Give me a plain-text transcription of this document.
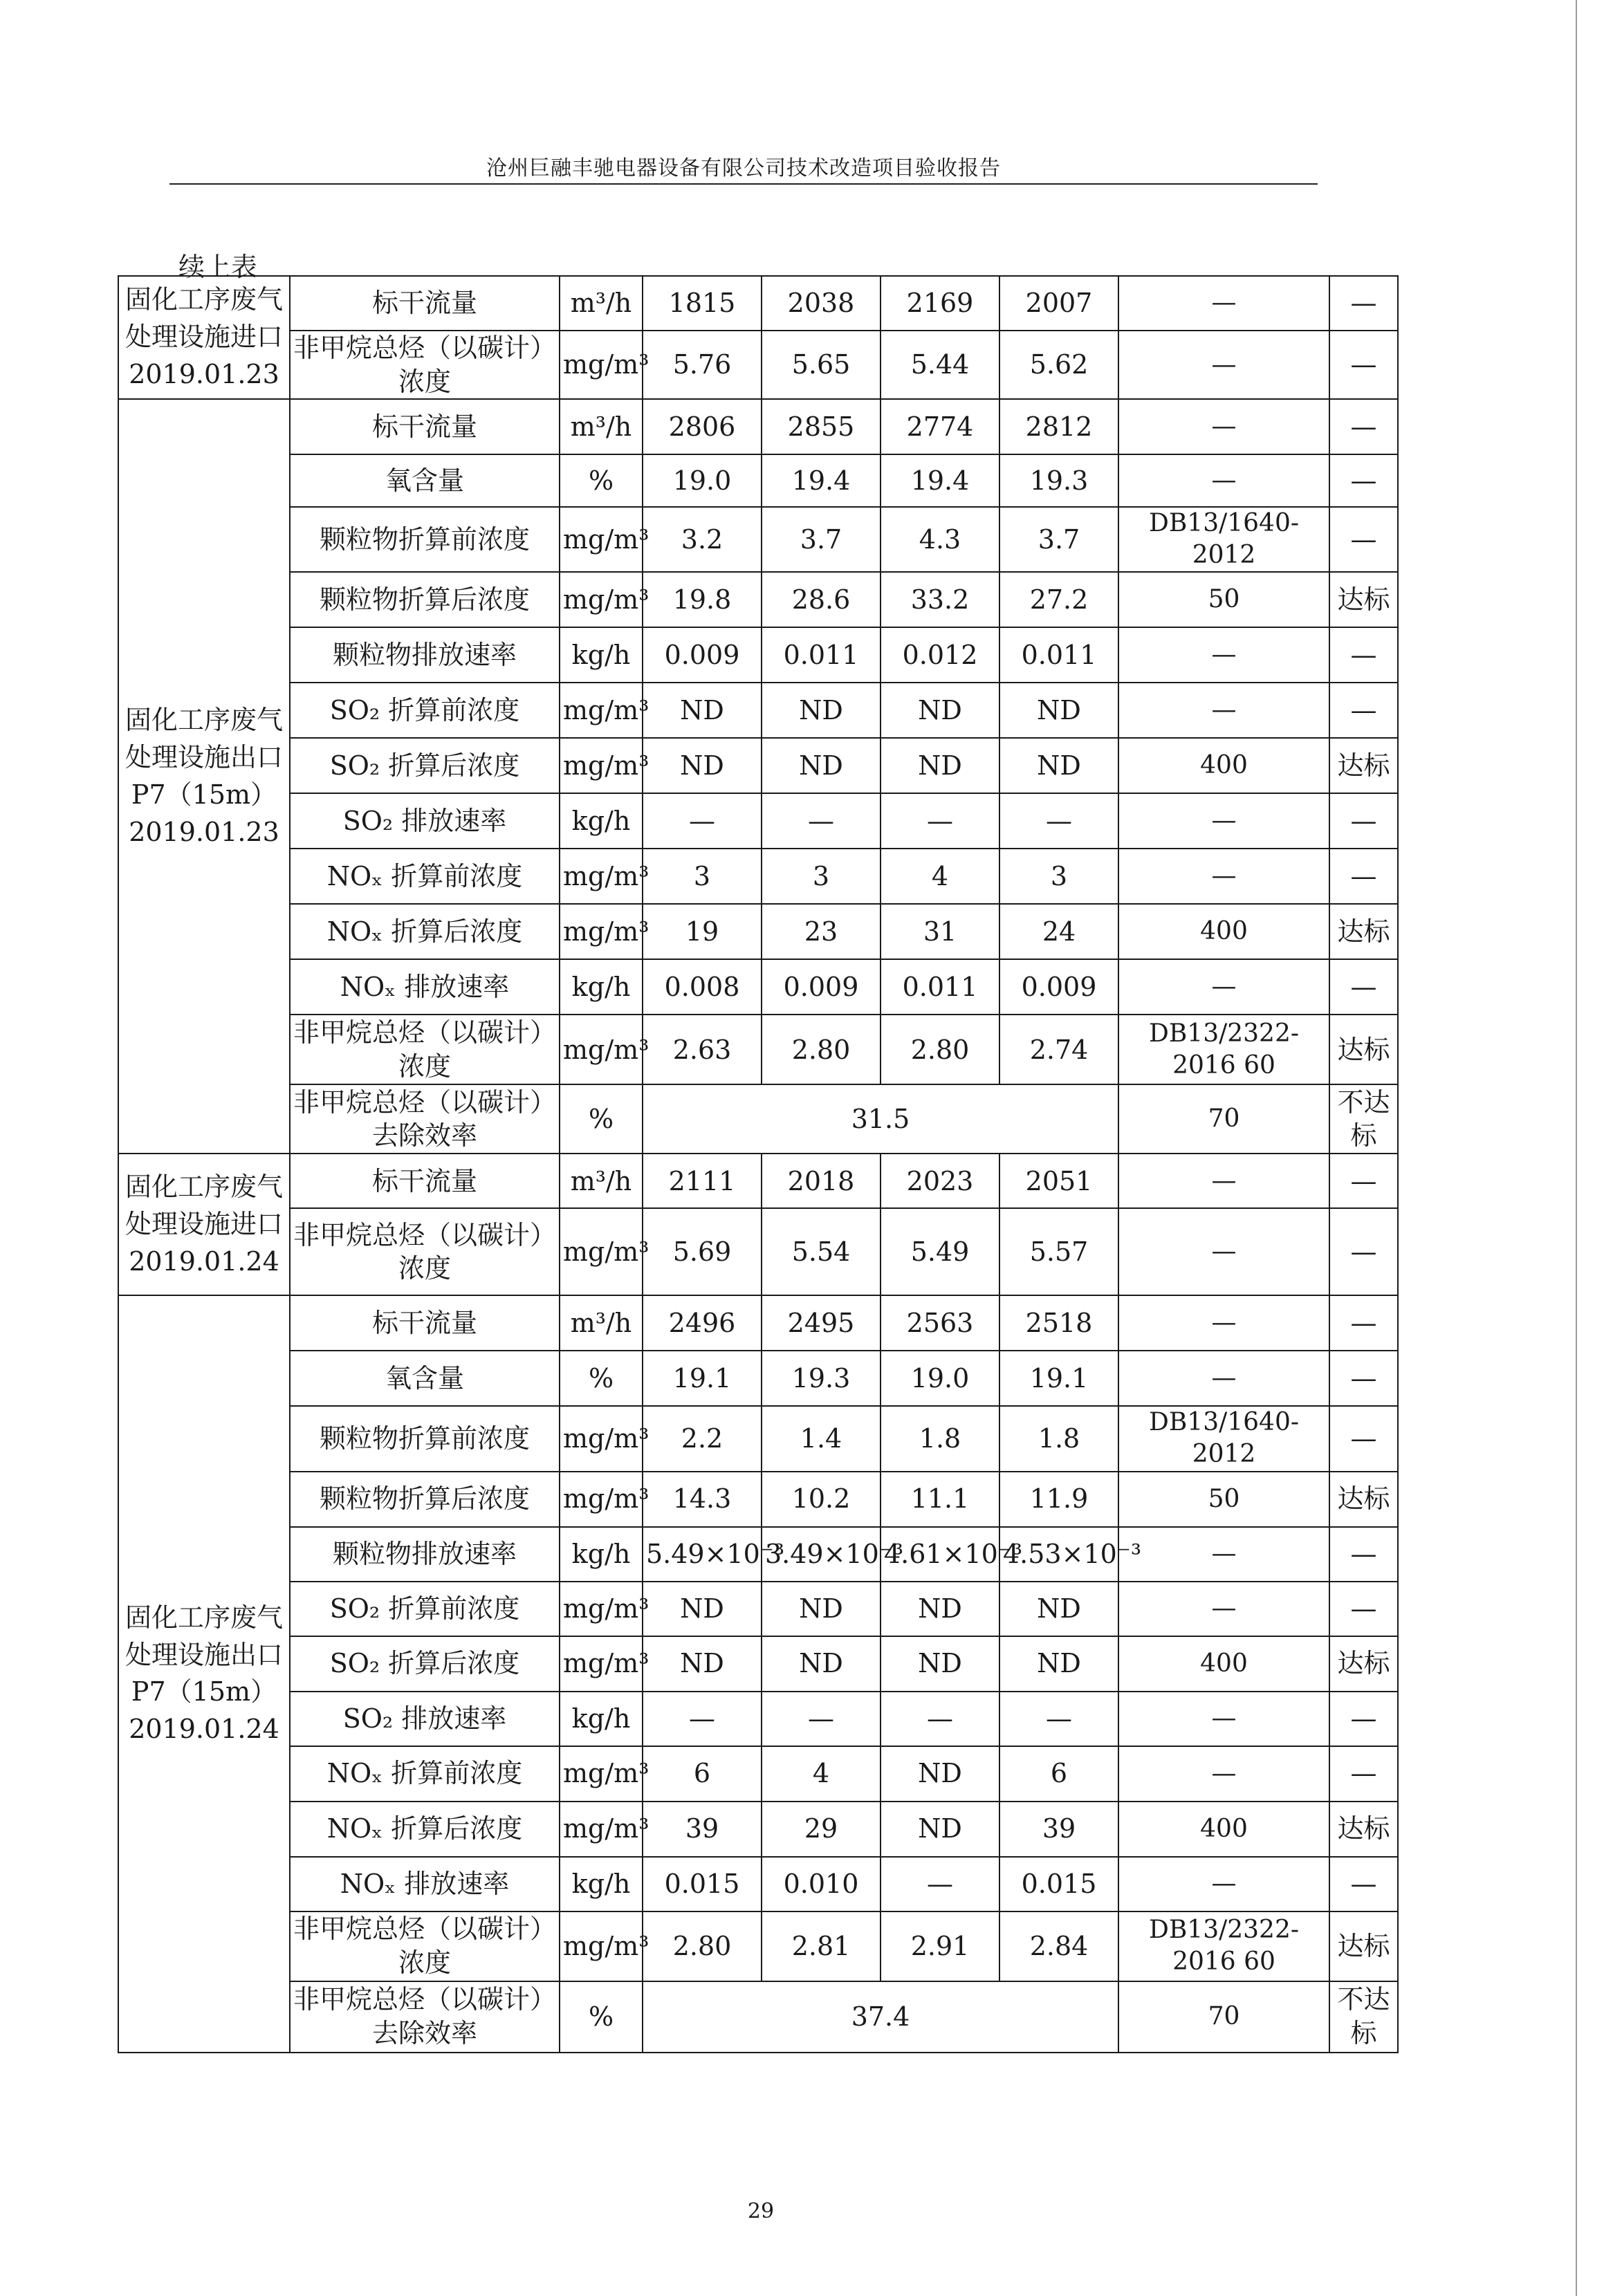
沧州巨融丰驰电器设备有限公司技术改造项目验收报告
续上表
固化工序废气处理设施进口2019.01.23	标干流量	m³/h	1815	2038	2169	2007	—	—
	非甲烷总烃（以碳计）浓度	mg/m³	5.76	5.65	5.44	5.62	—	—
固化工序废气处理设施出口 P7（15m）2019.01.23	标干流量	m³/h	2806	2855	2774	2812	—	—
	氧含量	%	19.0	19.4	19.4	19.3	—	—
	颗粒物折算前浓度	mg/m³	3.2	3.7	4.3	3.7	DB13/1640-2012	—
	颗粒物折算后浓度	mg/m³	19.8	28.6	33.2	27.2	50	达标
	颗粒物排放速率	kg/h	0.009	0.011	0.012	0.011	—	—
	SO₂ 折算前浓度	mg/m³	ND	ND	ND	ND	—	—
	SO₂ 折算后浓度	mg/m³	ND	ND	ND	ND	400	达标
	SO₂ 排放速率	kg/h	—	—	—	—	—	—
	NOₓ 折算前浓度	mg/m³	3	3	4	3	—	—
	NOₓ 折算后浓度	mg/m³	19	23	31	24	400	达标
	NOₓ 排放速率	kg/h	0.008	0.009	0.011	0.009	—	—
	非甲烷总烃（以碳计）浓度	mg/m³	2.63	2.80	2.80	2.74	DB13/2322-2016 60	达标
	非甲烷总烃（以碳计）去除效率	%	31.5				70	不达标
固化工序废气处理设施进口2019.01.24	标干流量	m³/h	2111	2018	2023	2051	—	—
	非甲烷总烃（以碳计）浓度	mg/m³	5.69	5.54	5.49	5.57	—	—
固化工序废气处理设施出口 P7（15m）2019.01.24	标干流量	m³/h	2496	2495	2563	2518	—	—
	氧含量	%	19.1	19.3	19.0	19.1	—	—
	颗粒物折算前浓度	mg/m³	2.2	1.4	1.8	1.8	DB13/1640-2012	—
	颗粒物折算后浓度	mg/m³	14.3	10.2	11.1	11.9	50	达标
	颗粒物排放速率	kg/h	5.49×10⁻³	3.49×10⁻³	4.61×10⁻³	4.53×10⁻³	—	—
	SO₂ 折算前浓度	mg/m³	ND	ND	ND	ND	—	—
	SO₂ 折算后浓度	mg/m³	ND	ND	ND	ND	400	达标
	SO₂ 排放速率	kg/h	—	—	—	—	—	—
	NOₓ 折算前浓度	mg/m³	6	4	ND	6	—	—
	NOₓ 折算后浓度	mg/m³	39	29	ND	39	400	达标
	NOₓ 排放速率	kg/h	0.015	0.010	—	0.015	—	—
	非甲烷总烃（以碳计）浓度	mg/m³	2.80	2.81	2.91	2.84	DB13/2322-2016 60	达标
	非甲烷总烃（以碳计）去除效率	%	37.4				70	不达标
29
